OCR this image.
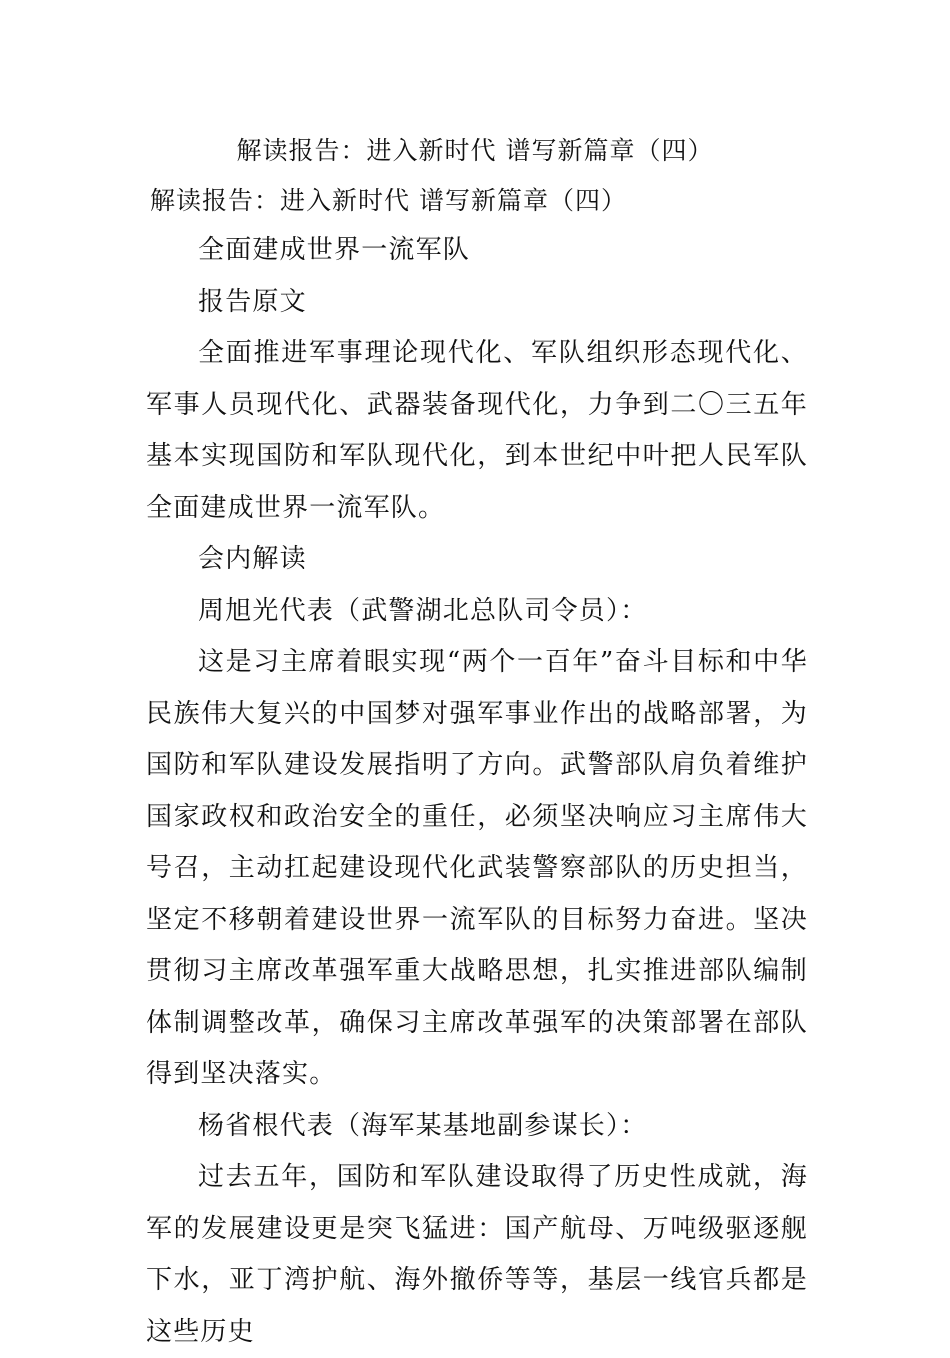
解读报告：进入新时代 谱写新篇章（四）
解读报告：进入新时代 谱写新篇章（四）

全面建成世界一流军队

报告原文

全面推进军事理论现代化、军队组织形态现代化、军事人员现代化、武器装备现代化，力争到二〇三五年基本实现国防和军队现代化，到本世纪中叶把人民军队全面建成世界一流军队。

会内解读

周旭光代表（武警湖北总队司令员）：

这是习主席着眼实现“两个一百年”奋斗目标和中华民族伟大复兴的中国梦对强军事业作出的战略部署，为国防和军队建设发展指明了方向。武警部队肩负着维护国家政权和政治安全的重任，必须坚决响应习主席伟大号召，主动扛起建设现代化武装警察部队的历史担当，坚定不移朝着建设世界一流军队的目标努力奋进。坚决贯彻习主席改革强军重大战略思想，扎实推进部队编制体制调整改革，确保习主席改革强军的决策部署在部队得到坚决落实。

杨省根代表（海军某基地副参谋长）：

过去五年，国防和军队建设取得了历史性成就，海军的发展建设更是突飞猛进：国产航母、万吨级驱逐舰下水，亚丁湾护航、海外撤侨等等，基层一线官兵都是这些历史
